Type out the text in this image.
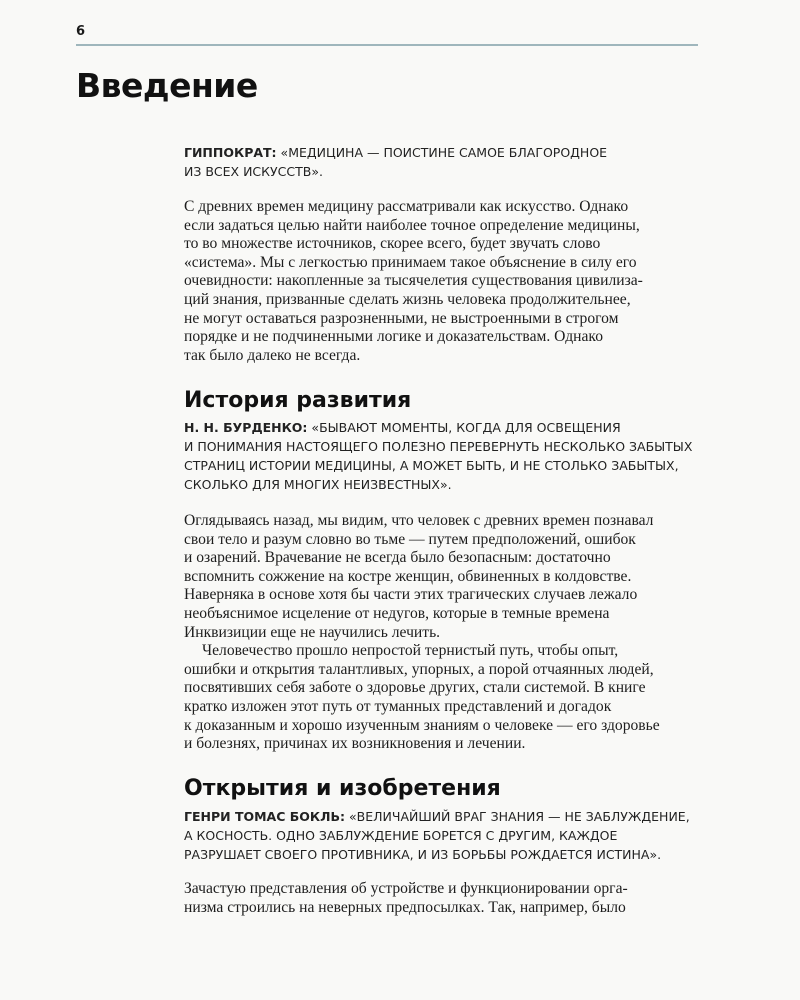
6
Введение
ГИППОКРАТ: «МЕДИЦИНА — ПОИСТИНЕ САМОЕ БЛАГОРОДНОЕ
ИЗ ВСЕХ ИСКУССТВ».
С древних времен медицину рассматривали как искусство. Однако
если задаться целью найти наиболее точное определение медицины,
то во множестве источников, скорее всего, будет звучать слово
«система». Мы с легкостью принимаем такое объяснение в силу его
очевидности: накопленные за тысячелетия существования цивилиза-
ций знания, призванные сделать жизнь человека продолжительнее,
не могут оставаться разрозненными, не выстроенными в строгом
порядке и не подчиненными логике и доказательствам. Однако
так было далеко не всегда.
История развития
Н. Н. БУРДЕНКО: «БЫВАЮТ МОМЕНТЫ, КОГДА ДЛЯ ОСВЕЩЕНИЯ
И ПОНИМАНИЯ НАСТОЯЩЕГО ПОЛЕЗНО ПЕРЕВЕРНУТЬ НЕСКОЛЬКО ЗАБЫТЫХ
СТРАНИЦ ИСТОРИИ МЕДИЦИНЫ, А МОЖЕТ БЫТЬ, И НЕ СТОЛЬКО ЗАБЫТЫХ,
СКОЛЬКО ДЛЯ МНОГИХ НЕИЗВЕСТНЫХ».
Оглядываясь назад, мы видим, что человек с древних времен познавал
свои тело и разум словно во тьме — путем предположений, ошибок
и озарений. Врачевание не всегда было безопасным: достаточно
вспомнить сожжение на костре женщин, обвиненных в колдовстве.
Наверняка в основе хотя бы части этих трагических случаев лежало
необъяснимое исцеление от недугов, которые в темные времена
Инквизиции еще не научились лечить.
Человечество прошло непростой тернистый путь, чтобы опыт,
ошибки и открытия талантливых, упорных, а порой отчаянных людей,
посвятивших себя заботе о здоровье других, стали системой. В книге
кратко изложен этот путь от туманных представлений и догадок
к доказанным и хорошо изученным знаниям о человеке — его здоровье
и болезнях, причинах их возникновения и лечении.
Открытия и изобретения
ГЕНРИ ТОМАС БОКЛЬ: «ВЕЛИЧАЙШИЙ ВРАГ ЗНАНИЯ — НЕ ЗАБЛУЖДЕНИЕ,
А КОСНОСТЬ. ОДНО ЗАБЛУЖДЕНИЕ БОРЕТСЯ С ДРУГИМ, КАЖДОЕ
РАЗРУШАЕТ СВОЕГО ПРОТИВНИКА, И ИЗ БОРЬБЫ РОЖДАЕТСЯ ИСТИНА».
Зачастую представления об устройстве и функционировании орга-
низма строились на неверных предпосылках. Так, например, было
